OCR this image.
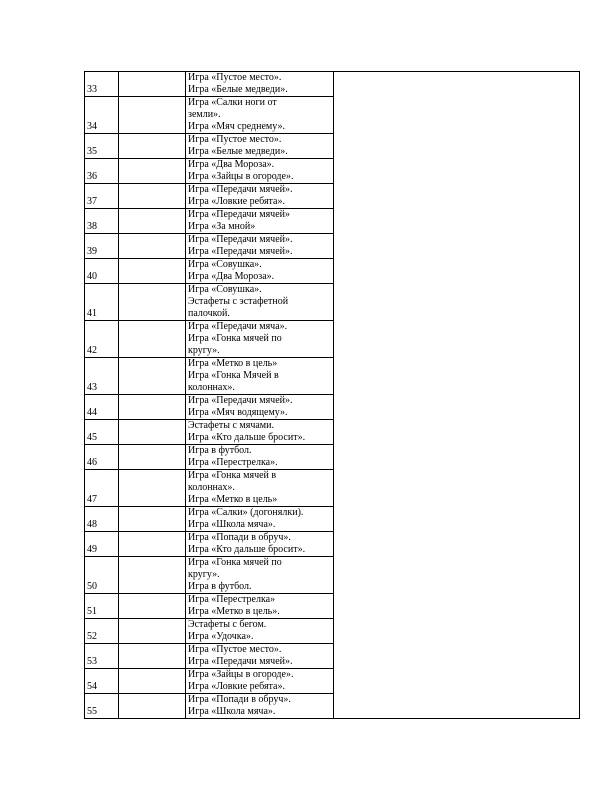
33		Игра «Пустое место».
Игра «Белые медведи».	

34		Игра «Салки ноги от
земли».
Игра «Мяч среднему».	

35		Игра «Пустое место».
Игра «Белые медведи».	

36		Игра «Два Мороза».
Игра «Зайцы в огороде».	

37		Игра «Передачи мячей».
Игра «Ловкие ребята».	

38		Игра «Передачи мячей»
Игра «За мной»	

39		Игра «Передачи мячей».
Игра «Передачи мячей».	

40		Игра «Совушка».
Игра «Два Мороза».	

41		Игра «Совушка».
Эстафеты с эстафетной
палочкой.	

42		Игра «Передачи мяча».
Игра «Гонка мячей по
кругу».	

43		Игра «Метко в цель»
Игра «Гонка Мячей в
колоннах».	

44		Игра «Передачи мячей».
Игра «Мяч водящему».	

45		Эстафеты с мячами.
Игра «Кто дальше бросит».	

46		Игра в футбол.
Игра «Перестрелка».	

47		Игра «Гонка мячей в
колоннах».
Игра «Метко в цель»	

48		Игра «Салки» (догонялки).
Игра «Школа мяча».	

49		Игра «Попади в обруч».
Игра «Кто дальше бросит».	

50		Игра «Гонка мячей по
кругу».
Игра в футбол.	

51		Игра «Перестрелка»
Игра «Метко в цель».	

52		Эстафеты с бегом.
Игра «Удочка».	

53		Игра «Пустое место».
Игра «Передачи мячей».	

54		Игра «Зайцы в огороде».
Игра «Ловкие ребята».	

55		Игра «Попади в обруч».
Игра «Школа мяча».	
